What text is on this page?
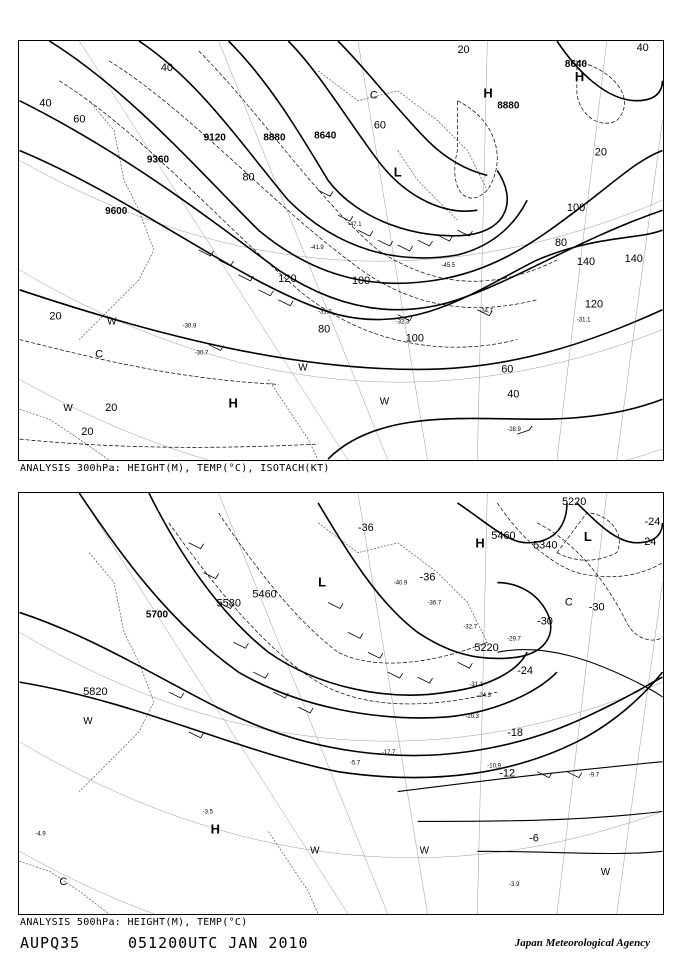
9600
9360
9120	8880	8640
8880
8640
20
40
60
80
100
120
140
100
80
60
40
20
20
20
40
60
80
100
120
140
20
40
-47.1
-45.5
-41.9
-34.7
-31.1
-30.9
-30.7
-32.3
-31.9
-28.9
H
L
C
H
H
W
W
W
W
C
ANALYSIS 300hPa: HEIGHT(M), TEMP(°C), ISOTACH(KT)
5700
5580
5460
5820
5220
5460
5340
5220
-36
-36
-30
-30
-24
-24
-18
-12
-6
-24
-40.9
-36.7
-32.7
-29.7
-31.1
-24.3
-20.3
-17.7
-10.9
-9.7
-5.7
-3.9
-3.5
-4.9
H
L
L
H
C
W
W	W
W
C
ANALYSIS 500hPa: HEIGHT(M), TEMP(°C)
AUPQ35	051200UTC JAN 2010	Japan Meteorological Agency
